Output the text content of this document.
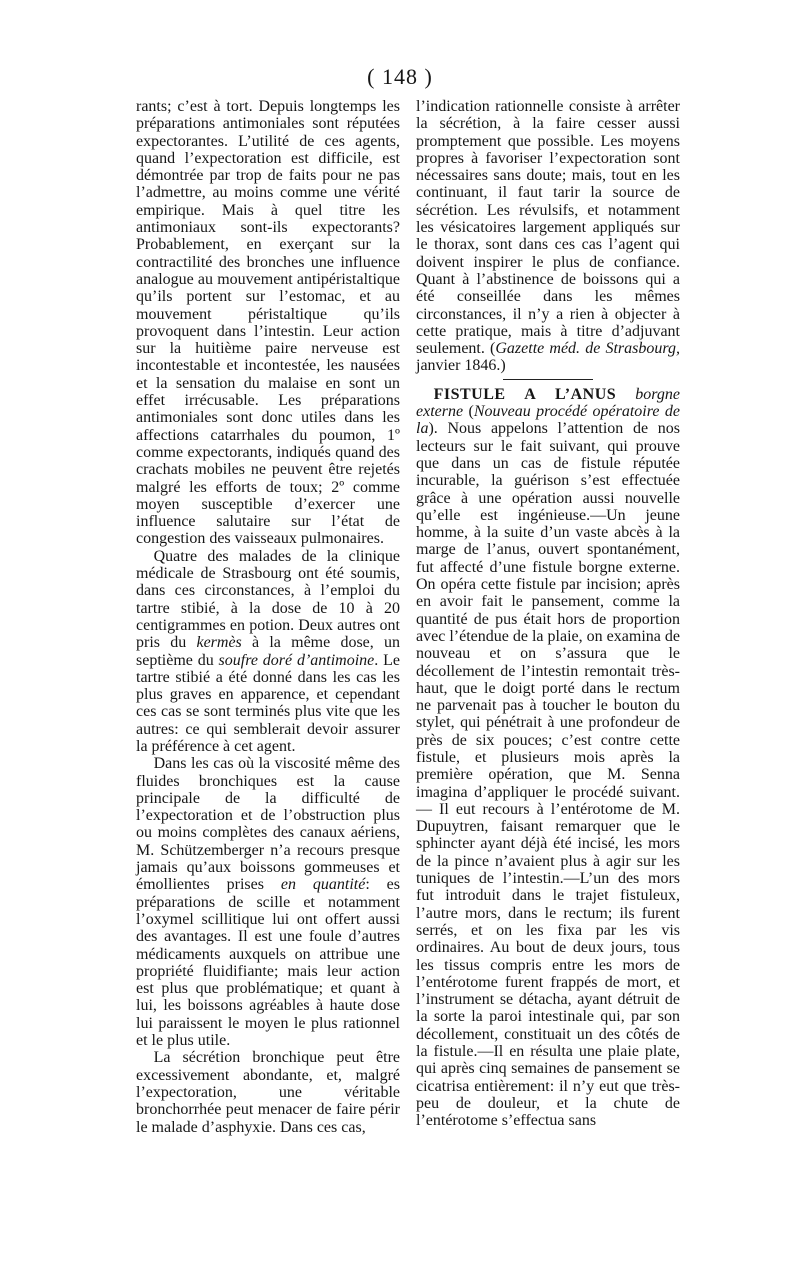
( 148 )

rants; c’est à tort. Depuis longtemps les préparations antimoniales sont réputées expectorantes. L’utilité de ces agents, quand l’expectoration est difficile, est démontrée par trop de faits pour ne pas l’admettre, au moins comme une vérité empirique. Mais à quel titre les antimoniaux sont-ils expectorants? Probablement, en exerçant sur la contractilité des bronches une influence analogue au mouvement antipéristaltique qu’ils portent sur l’estomac, et au mouvement péristaltique qu’ils provoquent dans l’intestin. Leur action sur la huitième paire nerveuse est incontestable et incontestée, les nausées et la sensation du malaise en sont un effet irrécusable. Les préparations antimoniales sont donc utiles dans les affections catarrhales du poumon, 1º comme expectorants, indiqués quand des crachats mobiles ne peuvent être rejetés malgré les efforts de toux; 2º comme moyen susceptible d’exercer une influence salutaire sur l’état de congestion des vaisseaux pulmonaires.

Quatre des malades de la clinique médicale de Strasbourg ont été soumis, dans ces circonstances, à l’emploi du tartre stibié, à la dose de 10 à 20 centigrammes en potion. Deux autres ont pris du kermès à la même dose, un septième du soufre doré d’antimoine. Le tartre stibié a été donné dans les cas les plus graves en apparence, et cependant ces cas se sont terminés plus vite que les autres: ce qui semblerait devoir assurer la préférence à cet agent.

Dans les cas où la viscosité même des fluides bronchiques est la cause principale de la difficulté de l’expectoration et de l’obstruction plus ou moins complètes des canaux aériens, M. Schützemberger n’a recours presque jamais qu’aux boissons gommeuses et émollientes prises en quantité: es préparations de scille et notamment l’oxymel scillitique lui ont offert aussi des avantages. Il est une foule d’autres médicaments auxquels on attribue une propriété fluidifiante; mais leur action est plus que problématique; et quant à lui, les boissons agréables à haute dose lui paraissent le moyen le plus rationnel et le plus utile.

La sécrétion bronchique peut être excessivement abondante, et, malgré l’expectoration, une véritable bronchorrhée peut menacer de faire périr le malade d’asphyxie. Dans ces cas,

l’indication rationnelle consiste à arrêter la sécrétion, à la faire cesser aussi promptement que possible. Les moyens propres à favoriser l’expectoration sont nécessaires sans doute; mais, tout en les continuant, il faut tarir la source de sécrétion. Les révulsifs, et notamment les vésicatoires largement appliqués sur le thorax, sont dans ces cas l’agent qui doivent inspirer le plus de confiance. Quant à l’abstinence de boissons qui a été conseillée dans les mêmes circonstances, il n’y a rien à objecter à cette pratique, mais à titre d’adjuvant seulement. (Gazette méd. de Strasbourg, janvier 1846.)

FISTULE A L’ANUS borgne externe (Nouveau procédé opératoire de la). Nous appelons l’attention de nos lecteurs sur le fait suivant, qui prouve que dans un cas de fistule réputée incurable, la guérison s’est effectuée grâce à une opération aussi nouvelle qu’elle est ingénieuse.—Un jeune homme, à la suite d’un vaste abcès à la marge de l’anus, ouvert spontanément, fut affecté d’une fistule borgne externe. On opéra cette fistule par incision; après en avoir fait le pansement, comme la quantité de pus était hors de proportion avec l’étendue de la plaie, on examina de nouveau et on s’assura que le décollement de l’intestin remontait très-haut, que le doigt porté dans le rectum ne parvenait pas à toucher le bouton du stylet, qui pénétrait à une profondeur de près de six pouces; c’est contre cette fistule, et plusieurs mois après la première opération, que M. Senna imagina d’appliquer le procédé suivant. — Il eut recours à l’entérotome de M. Dupuytren, faisant remarquer que le sphincter ayant déjà été incisé, les mors de la pince n’avaient plus à agir sur les tuniques de l’intestin.—L’un des mors fut introduit dans le trajet fistuleux, l’autre mors, dans le rectum; ils furent serrés, et on les fixa par les vis ordinaires. Au bout de deux jours, tous les tissus compris entre les mors de l’entérotome furent frappés de mort, et l’instrument se détacha, ayant détruit de la sorte la paroi intestinale qui, par son décollement, constituait un des côtés de la fistule.—Il en résulta une plaie plate, qui après cinq semaines de pansement se cicatrisa entièrement: il n’y eut que très-peu de douleur, et la chute de l’entérotome s’effectua sans
